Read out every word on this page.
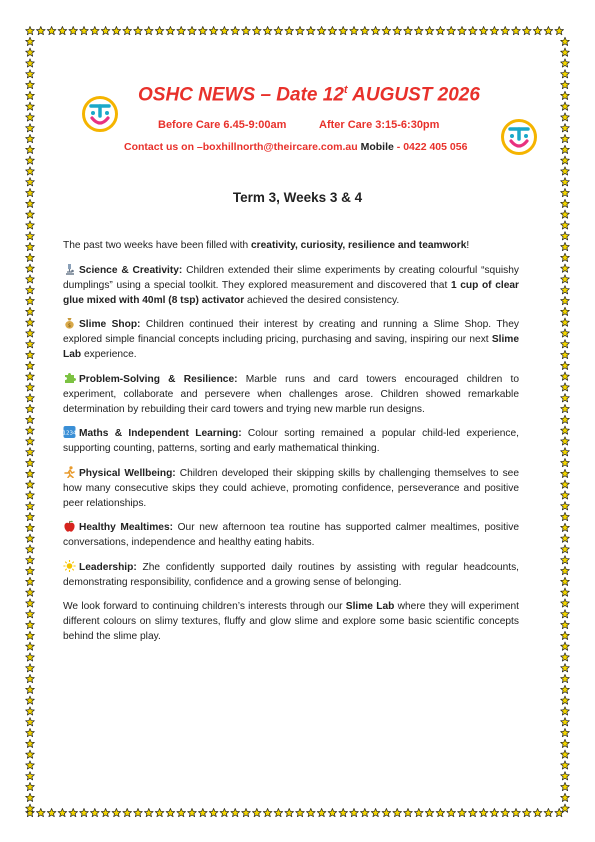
OSHC NEWS – Date 12$^t$ AUGUST 2026
Before Care 6.45-9:00am	After Care 3:15-6:30pm
Contact us on –boxhillnorth@theircare.com.au Mobile - 0422 405 056
Term 3, Weeks 3 & 4

The past two weeks have been filled with creativity, curiosity, resilience and teamwork!

Science & Creativity: Children extended their slime experiments by creating colourful “squishy dumplings” using a special toolkit. They explored measurement and discovered that 1 cup of clear glue mixed with 40ml (8 tsp) activator achieved the desired consistency.

$ Slime Shop: Children continued their interest by creating and running a Slime Shop. They explored simple financial concepts including pricing, purchasing and saving, inspiring our next Slime Lab experience.

Problem-Solving & Resilience: Marble runs and card towers encouraged children to experiment, collaborate and persevere when challenges arose. Children showed remarkable determination by rebuilding their card towers and trying new marble run designs.

1234 Maths & Independent Learning: Colour sorting remained a popular child-led experience, supporting counting, patterns, sorting and early mathematical thinking.

Physical Wellbeing: Children developed their skipping skills by challenging themselves to see how many consecutive skips they could achieve, promoting confidence, perseverance and positive peer relationships.

Healthy Mealtimes: Our new afternoon tea routine has supported calmer mealtimes, positive conversations, independence and healthy eating habits.

Leadership: Zhe confidently supported daily routines by assisting with regular headcounts, demonstrating responsibility, confidence and a growing sense of belonging.

We look forward to continuing children’s interests through our Slime Lab where they will experiment different colours on slimy textures, fluffy and glow slime and explore some basic scientific concepts behind the slime play.
